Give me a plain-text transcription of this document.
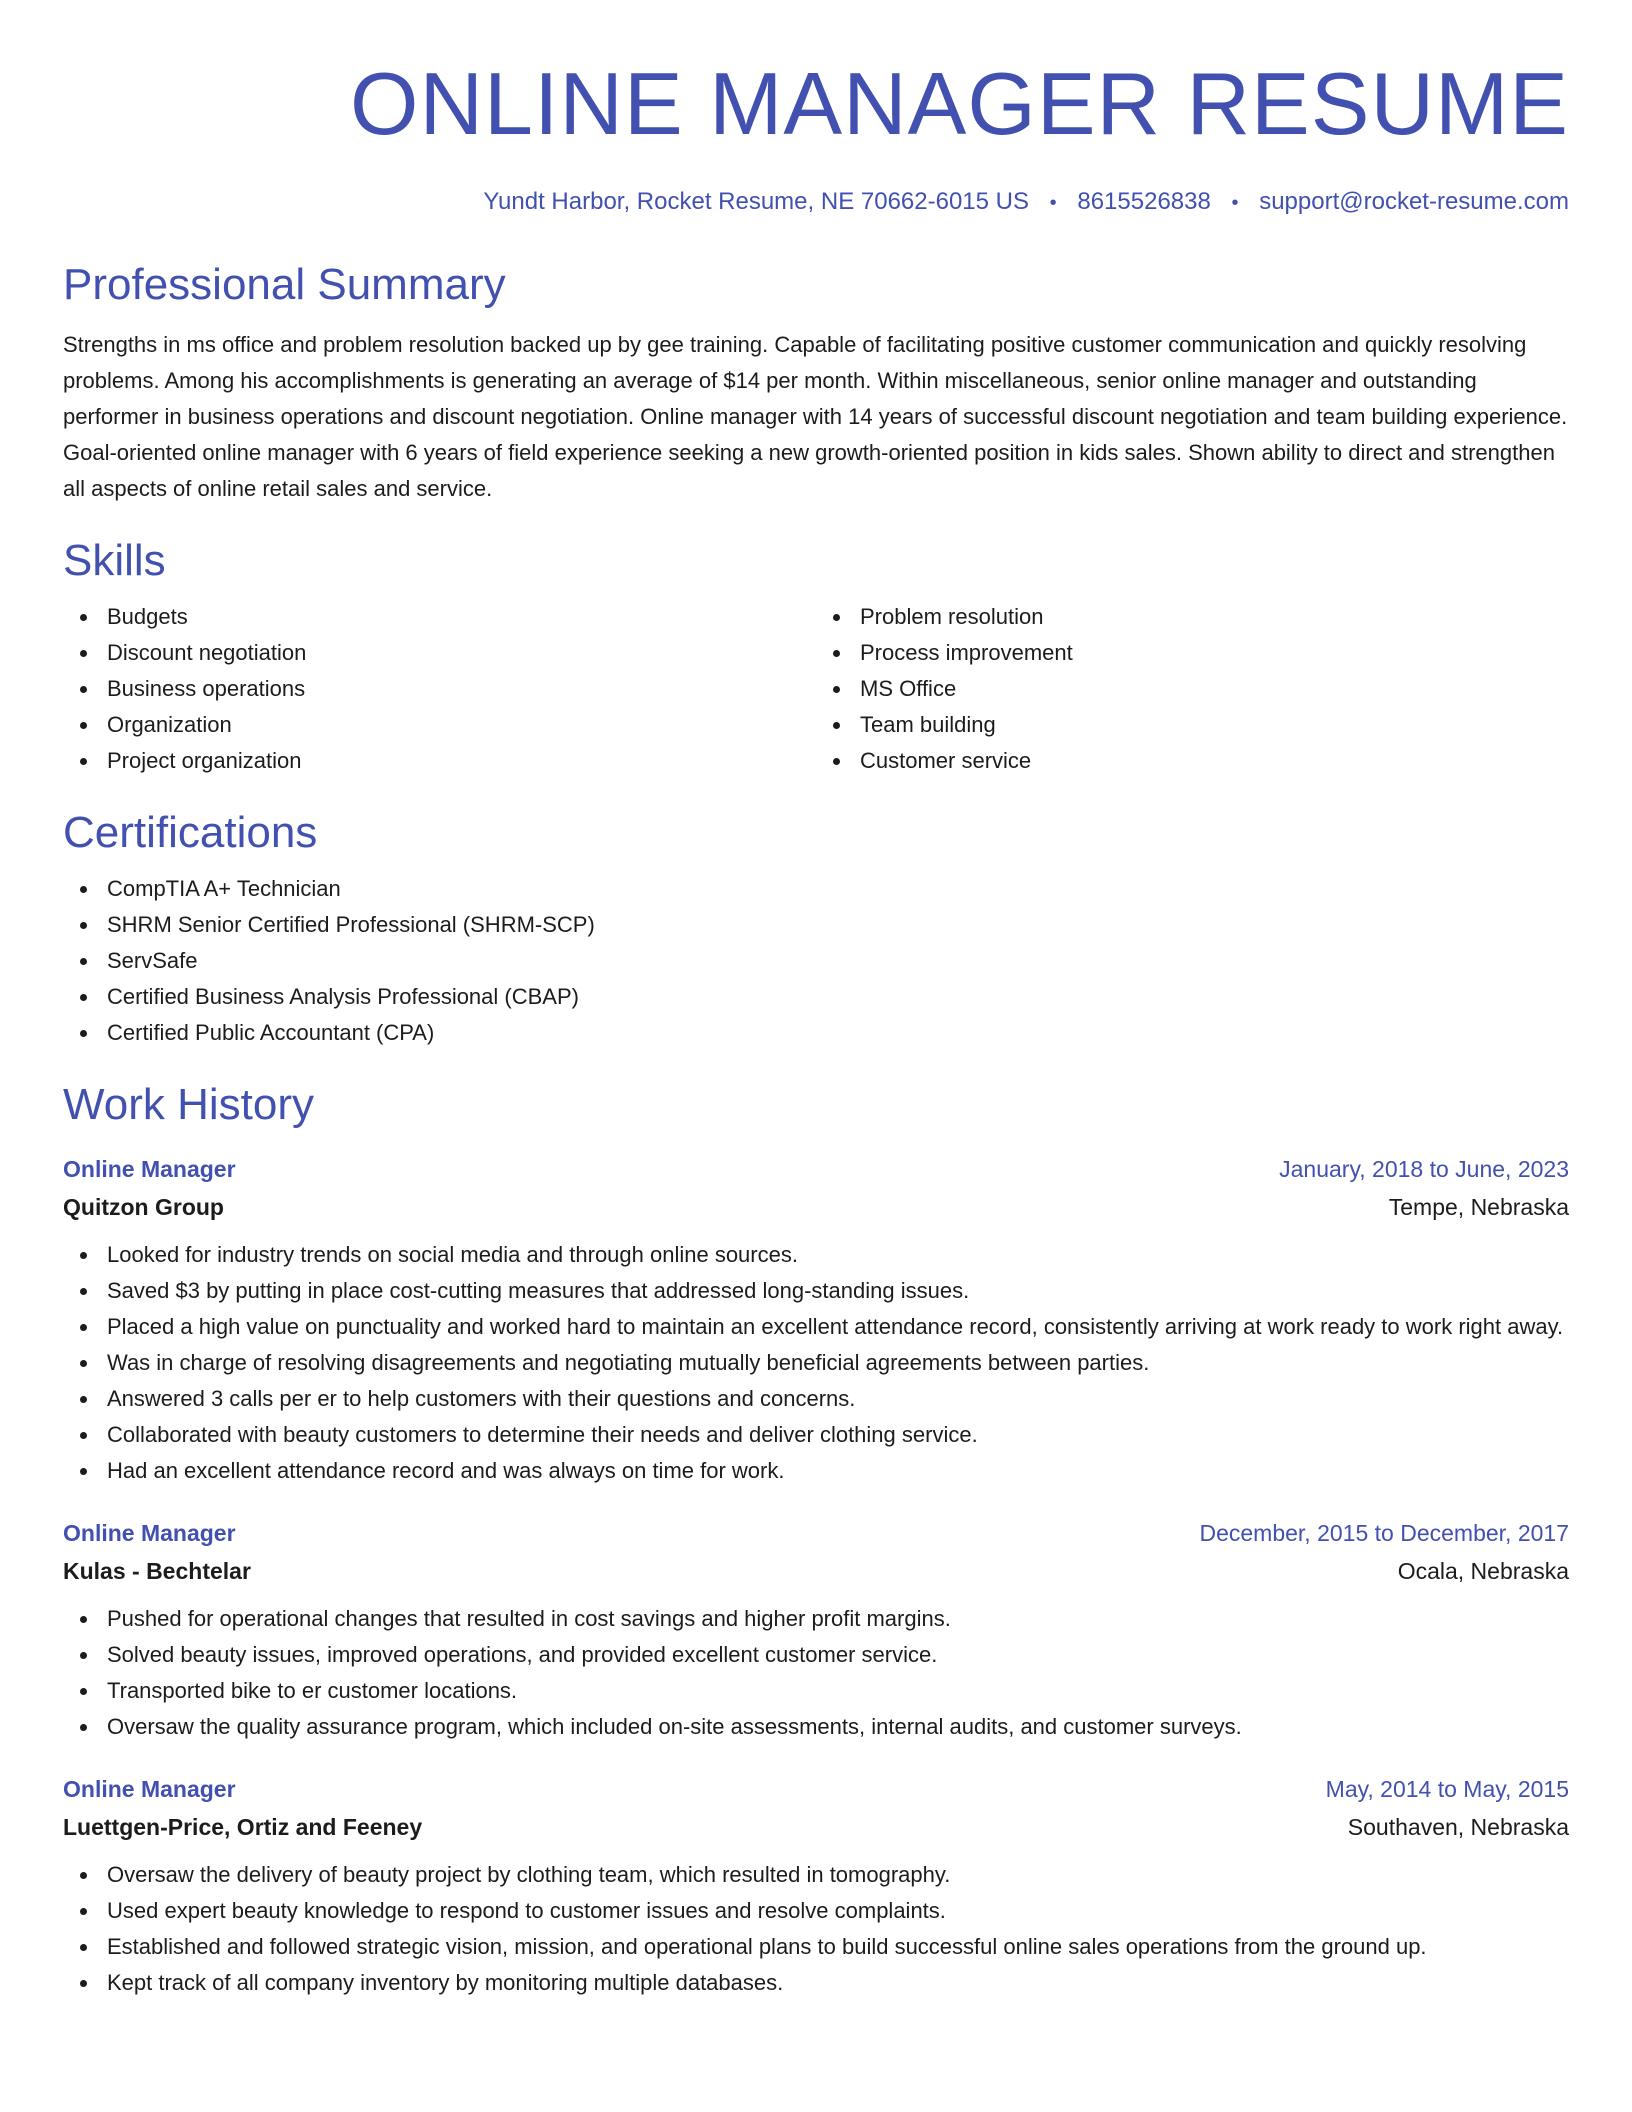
ONLINE MANAGER RESUME
Yundt Harbor, Rocket Resume, NE 70662-6015 US • 8615526838 • support@rocket-resume.com
Professional Summary
Strengths in ms office and problem resolution backed up by gee training. Capable of facilitating positive customer communication and quickly resolving problems. Among his accomplishments is generating an average of $14 per month. Within miscellaneous, senior online manager and outstanding performer in business operations and discount negotiation. Online manager with 14 years of successful discount negotiation and team building experience. Goal-oriented online manager with 6 years of field experience seeking a new growth-oriented position in kids sales. Shown ability to direct and strengthen all aspects of online retail sales and service.
Skills
Budgets
Discount negotiation
Business operations
Organization
Project organization
Problem resolution
Process improvement
MS Office
Team building
Customer service
Certifications
CompTIA A+ Technician
SHRM Senior Certified Professional (SHRM-SCP)
ServSafe
Certified Business Analysis Professional (CBAP)
Certified Public Accountant (CPA)
Work History
Online Manager	January, 2018 to June, 2023
Quitzon Group	Tempe, Nebraska
Looked for industry trends on social media and through online sources.
Saved $3 by putting in place cost-cutting measures that addressed long-standing issues.
Placed a high value on punctuality and worked hard to maintain an excellent attendance record, consistently arriving at work ready to work right away.
Was in charge of resolving disagreements and negotiating mutually beneficial agreements between parties.
Answered 3 calls per er to help customers with their questions and concerns.
Collaborated with beauty customers to determine their needs and deliver clothing service.
Had an excellent attendance record and was always on time for work.
Online Manager	December, 2015 to December, 2017
Kulas - Bechtelar	Ocala, Nebraska
Pushed for operational changes that resulted in cost savings and higher profit margins.
Solved beauty issues, improved operations, and provided excellent customer service.
Transported bike to er customer locations.
Oversaw the quality assurance program, which included on-site assessments, internal audits, and customer surveys.
Online Manager	May, 2014 to May, 2015
Luettgen-Price, Ortiz and Feeney	Southaven, Nebraska
Oversaw the delivery of beauty project by clothing team, which resulted in tomography.
Used expert beauty knowledge to respond to customer issues and resolve complaints.
Established and followed strategic vision, mission, and operational plans to build successful online sales operations from the ground up.
Kept track of all company inventory by monitoring multiple databases.
